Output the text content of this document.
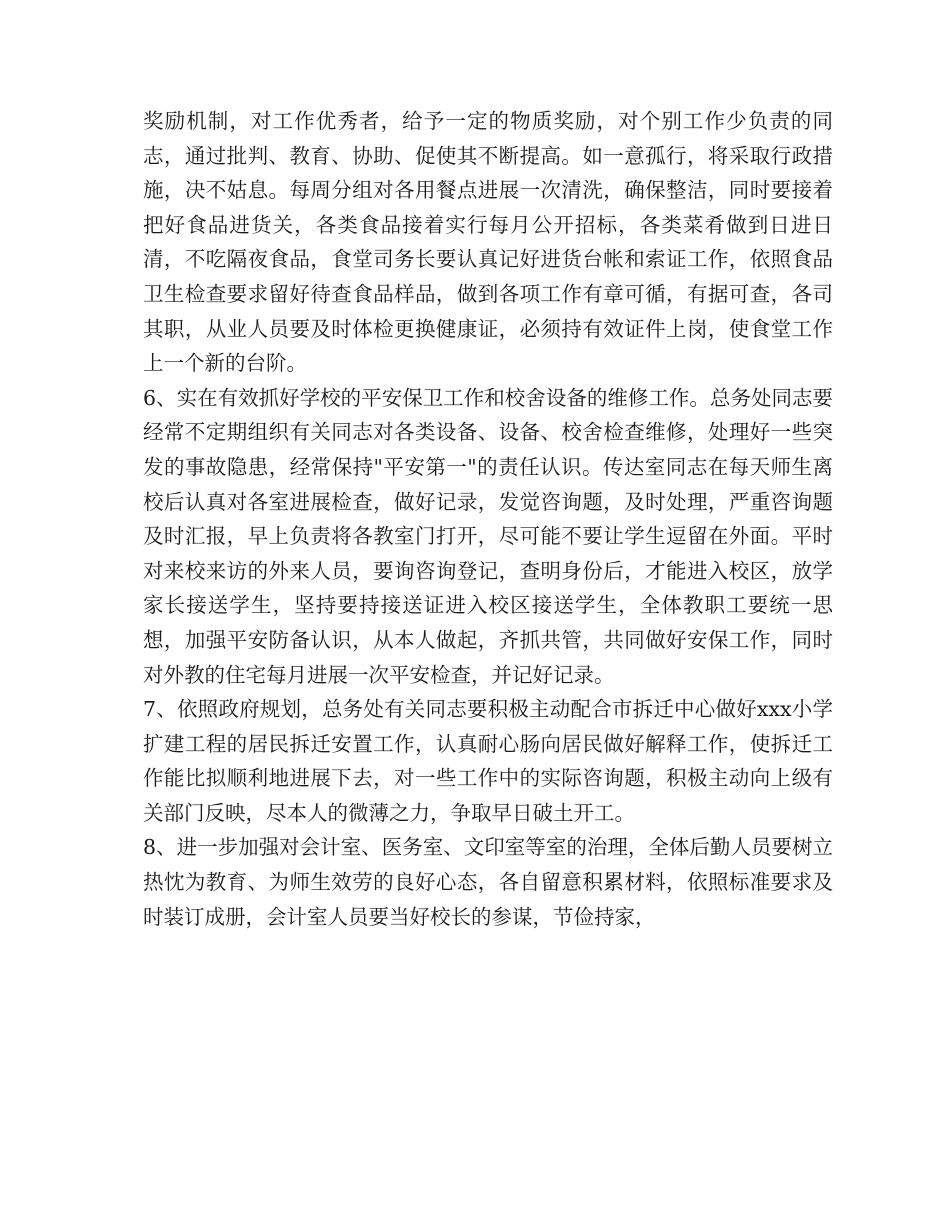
奖励机制，对工作优秀者，给予一定的物质奖励，对个别工作少负责的同志，通过批判、教育、协助、促使其不断提高。如一意孤行，将采取行政措施，决不姑息。每周分组对各用餐点进展一次清洗，确保整洁，同时要接着把好食品进货关，各类食品接着实行每月公开招标，各类菜肴做到日进日清，不吃隔夜食品，食堂司务长要认真记好进货台帐和索证工作，依照食品卫生检查要求留好待查食品样品，做到各项工作有章可循，有据可查，各司其职，从业人员要及时体检更换健康证，必须持有效证件上岗，使食堂工作上一个新的台阶。

6、实在有效抓好学校的平安保卫工作和校舍设备的维修工作。总务处同志要经常不定期组织有关同志对各类设备、设备、校舍检查维修，处理好一些突发的事故隐患，经常保持"平安第一"的责任认识。传达室同志在每天师生离校后认真对各室进展检查，做好记录，发觉咨询题，及时处理，严重咨询题及时汇报，早上负责将各教室门打开，尽可能不要让学生逗留在外面。平时对来校来访的外来人员，要询咨询登记，查明身份后，才能进入校区，放学家长接送学生，坚持要持接送证进入校区接送学生，全体教职工要统一思想，加强平安防备认识，从本人做起，齐抓共管，共同做好安保工作，同时对外教的住宅每月进展一次平安检查，并记好记录。

7、依照政府规划，总务处有关同志要积极主动配合市拆迁中心做好xxx小学扩建工程的居民拆迁安置工作，认真耐心肠向居民做好解释工作，使拆迁工作能比拟顺利地进展下去，对一些工作中的实际咨询题，积极主动向上级有关部门反映，尽本人的微薄之力，争取早日破土开工。

8、进一步加强对会计室、医务室、文印室等室的治理，全体后勤人员要树立热忱为教育、为师生效劳的良好心态，各自留意积累材料，依照标准要求及时装订成册，会计室人员要当好校长的参谋，节俭持家，
